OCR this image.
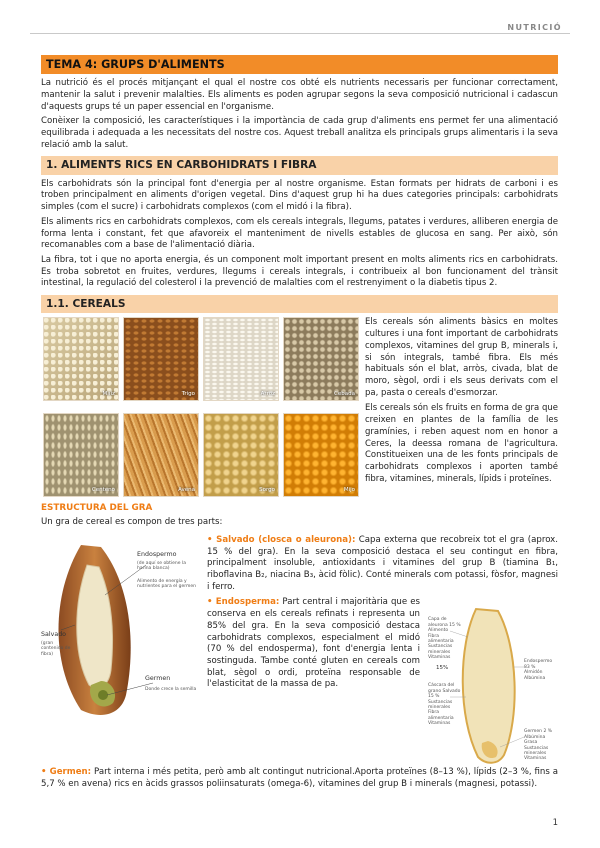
NUTRICIÓ
TEMA 4: GRUPS D'ALIMENTS

La nutrició és el procés mitjançant el qual el nostre cos obté els nutrients necessaris per funcionar correctament, mantenir la salut i prevenir malalties. Els aliments es poden agrupar segons la seva composició nutricional i cadascun d'aquests grups té un paper essencial en l'organisme.

Conèixer la composició, les característiques i la importància de cada grup d'aliments ens permet fer una alimentació equilibrada i adequada a les necessitats del nostre cos. Aquest treball analitza els principals grups alimentaris i la seva relació amb la salut.

1. ALIMENTS RICS EN CARBOHIDRATS I FIBRA

Els carbohidrats són la principal font d'energia per al nostre organisme. Estan formats per hidrats de carboni i es troben principalment en aliments d'origen vegetal. Dins d'aquest grup hi ha dues categories principals: carbohidrats simples (com el sucre) i carbohidrats complexos (com el midó i la fibra).

Els aliments rics en carbohidrats complexos, com els cereals integrals, llegums, patates i verdures, alliberen energia de forma lenta i constant, fet que afavoreix el manteniment de nivells estables de glucosa en sang. Per això, són recomanables com a base de l'alimentació diària.

La fibra, tot i que no aporta energia, és un component molt important present en molts aliments rics en carbohidrats. Es troba sobretot en fruites, verdures, llegums i cereals integrals, i contribueix al bon funcionament del trànsit intestinal, la regulació del colesterol i la prevenció de malalties com el restrenyiment o la diabetis tipus 2.

1.1. CEREALS
Maíz	Trigo	Arroz	Cebada
Centeno	Avena	Sorgo	Mijo

Els cereals són aliments bàsics en moltes cultures i una font important de carbohidrats complexos, vitamines del grup B, minerals i, si són integrals, també fibra. Els més habituals són el blat, arròs, civada, blat de moro, sègol, ordi i els seus derivats com el pa, pasta o cereals d'esmorzar.

Els cereals són els fruits en forma de gra que creixen en plantes de la família de les gramínies, i reben aquest nom en honor a Ceres, la deessa romana de l'agricultura. Constitueixen una de les fonts principals de carbohidrats complexos i aporten també fibra, vitamines, minerals, lípids i proteïnes.

ESTRUCTURA DEL GRA

Un gra de cereal es compon de tres parts:

Endospermo
(de aquí se obtiene la harina blanca)
Alimento de energía y nutrientes para el germen
Salvado
(gran contenido de fibra)
Germen
Donde crece la semilla

• Salvado (closca o aleurona): Capa externa que recobreix tot el gra (aprox. 15 % del gra). En la seva composició destaca el seu contingut en fibra, principalment insoluble, antioxidants i vitamines del grup B (tiamina B₁, riboflavina B₂, niacina B₃, àcid fòlic). Conté minerals com potassi, fòsfor, magnesi i ferro.

• Endosperma: Part central i majoritària que es conserva en els cereals refinats i representa un 85% del gra. En la seva composició destaca carbohidrats complexos, especialment el midó (70 % del endosperma), font d'energia lenta i sostinguda. Tambe conté gluten en cereals com blat, sègol o ordi, proteïna responsable de l'elasticitat de la massa de pa.

Capa de aleurona 15 %
Alimento
Fibra alimentaria
Sustancias minerales
Vitaminas
15%
Cáscara del grano Salvado 15 %
Sustancias minerales
Fibra alimentaria
Vitaminas
Endospermo 83 %
Almidón
Albúmina
Germen 2 %
Albúmina
Grasa
Sustancias minerales
Vitaminas

• Germen: Part interna i més petita, però amb alt contingut nutricional.Aporta proteïnes (8–13 %), lípids (2–3 %, fins a 5,7 % en avena) rics en àcids grassos poliinsaturats (omega-6), vitamines del grup B i minerals (magnesi, potassi).

1
